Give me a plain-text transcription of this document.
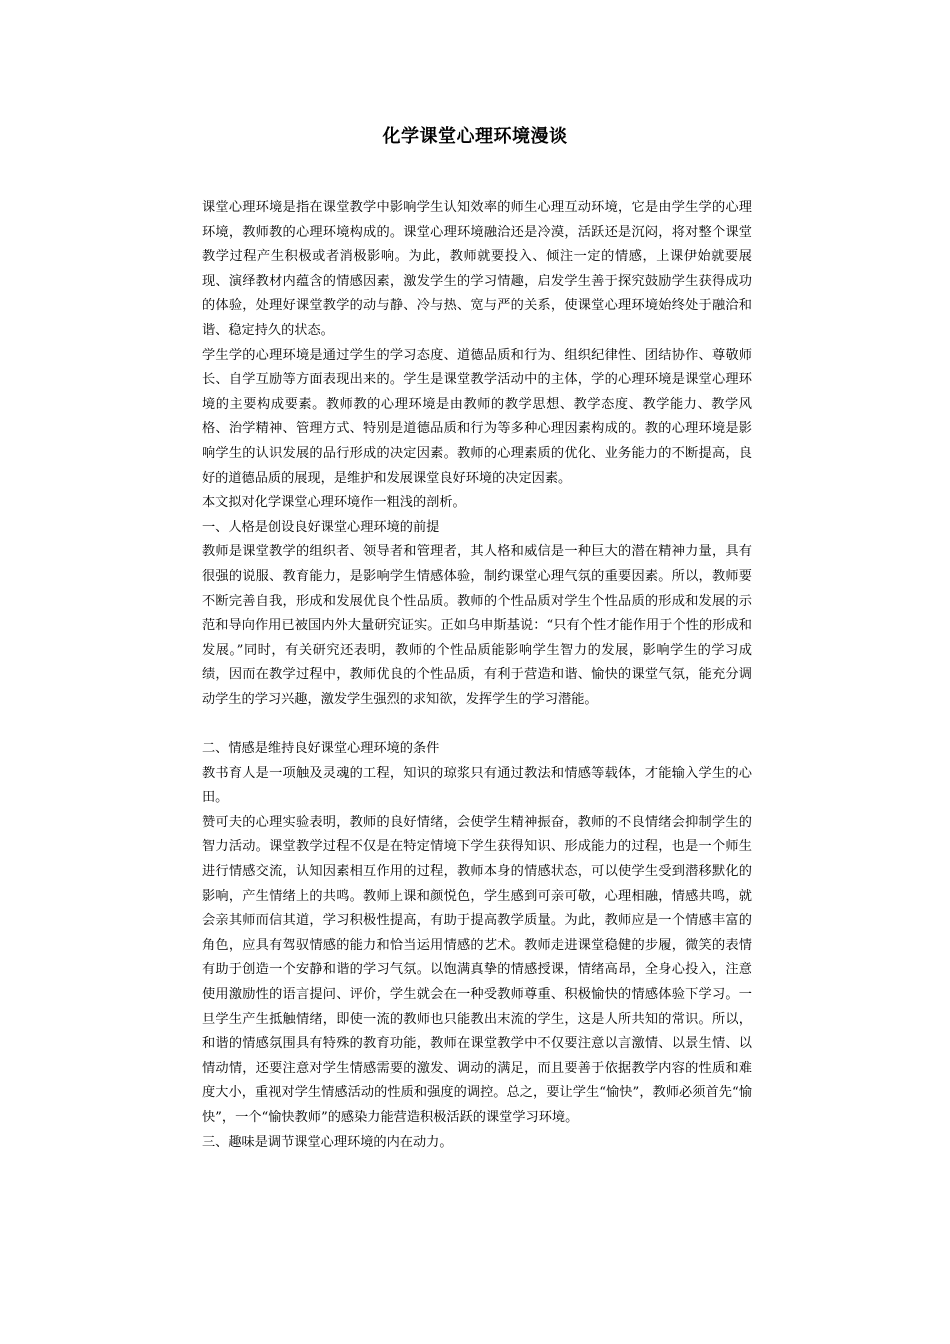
化学课堂心理环境漫谈

课堂心理环境是指在课堂教学中影响学生认知效率的师生心理互动环境，它是由学生学的心理环境，教师教的心理环境构成的。课堂心理环境融洽还是冷漠，活跃还是沉闷，将对整个课堂教学过程产生积极或者消极影响。为此，教师就要投入、倾注一定的情感，上课伊始就要展现、演绎教材内蕴含的情感因素，激发学生的学习情趣，启发学生善于探究鼓励学生获得成功的体验，处理好课堂教学的动与静、冷与热、宽与严的关系，使课堂心理环境始终处于融洽和谐、稳定持久的状态。

学生学的心理环境是通过学生的学习态度、道德品质和行为、组织纪律性、团结协作、尊敬师长、自学互励等方面表现出来的。学生是课堂教学活动中的主体，学的心理环境是课堂心理环境的主要构成要素。教师教的心理环境是由教师的教学思想、教学态度、教学能力、教学风格、治学精神、管理方式、特别是道德品质和行为等多种心理因素构成的。教的心理环境是影响学生的认识发展的品行形成的决定因素。教师的心理素质的优化、业务能力的不断提高，良好的道德品质的展现，是维护和发展课堂良好环境的决定因素。

本文拟对化学课堂心理环境作一粗浅的剖析。

一、人格是创设良好课堂心理环境的前提

教师是课堂教学的组织者、领导者和管理者，其人格和威信是一种巨大的潜在精神力量，具有很强的说服、教育能力，是影响学生情感体验，制约课堂心理气氛的重要因素。所以，教师要不断完善自我，形成和发展优良个性品质。教师的个性品质对学生个性品质的形成和发展的示范和导向作用已被国内外大量研究证实。正如乌申斯基说：“只有个性才能作用于个性的形成和发展。”同时，有关研究还表明，教师的个性品质能影响学生智力的发展，影响学生的学习成绩，因而在教学过程中，教师优良的个性品质，有利于营造和谐、愉快的课堂气氛，能充分调动学生的学习兴趣，激发学生强烈的求知欲，发挥学生的学习潜能。

二、情感是维持良好课堂心理环境的条件

教书育人是一项触及灵魂的工程，知识的琼浆只有通过教法和情感等载体，才能输入学生的心田。

赞可夫的心理实验表明，教师的良好情绪，会使学生精神振奋，教师的不良情绪会抑制学生的智力活动。课堂教学过程不仅是在特定情境下学生获得知识、形成能力的过程，也是一个师生进行情感交流，认知因素相互作用的过程，教师本身的情感状态，可以使学生受到潜移默化的影响，产生情绪上的共鸣。教师上课和颜悦色，学生感到可亲可敬，心理相融，情感共鸣，就会亲其师而信其道，学习积极性提高，有助于提高教学质量。为此，教师应是一个情感丰富的角色，应具有驾驭情感的能力和恰当运用情感的艺术。教师走进课堂稳健的步履，微笑的表情有助于创造一个安静和谐的学习气氛。以饱满真挚的情感授课，情绪高昂，全身心投入，注意使用激励性的语言提问、评价，学生就会在一种受教师尊重、积极愉快的情感体验下学习。一旦学生产生抵触情绪，即使一流的教师也只能教出末流的学生，这是人所共知的常识。所以，和谐的情感氛围具有特殊的教育功能，教师在课堂教学中不仅要注意以言激情、以景生情、以情动情，还要注意对学生情感需要的激发、调动的满足，而且要善于依据教学内容的性质和难度大小，重视对学生情感活动的性质和强度的调控。总之，要让学生“愉快”，教师必须首先“愉快”，一个“愉快教师”的感染力能营造积极活跃的课堂学习环境。

三、趣味是调节课堂心理环境的内在动力。
